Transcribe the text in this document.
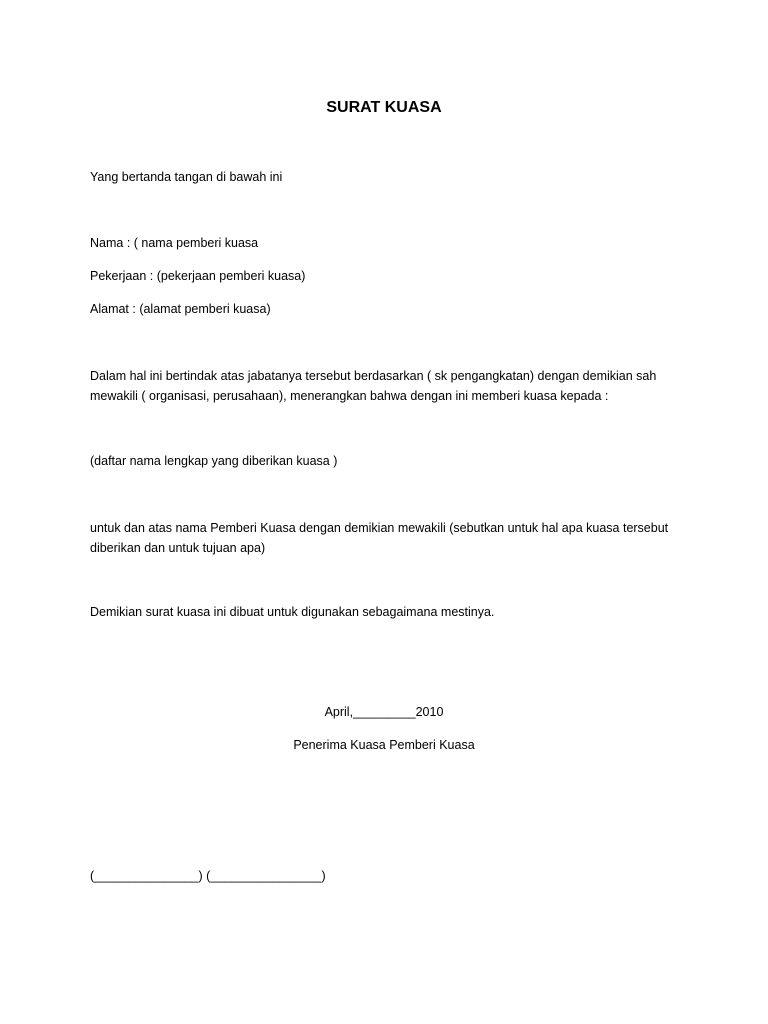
SURAT KUASA

Yang bertanda tangan di bawah ini

Nama : ( nama pemberi kuasa

Pekerjaan : (pekerjaan pemberi kuasa)

Alamat : (alamat pemberi kuasa)

Dalam hal ini bertindak atas jabatanya tersebut berdasarkan ( sk pengangkatan) dengan demikian sah mewakili ( organisasi, perusahaan), menerangkan bahwa dengan ini memberi kuasa kepada :

(daftar nama lengkap yang diberikan kuasa )

untuk dan atas nama Pemberi Kuasa dengan demikian mewakili (sebutkan untuk hal apa kuasa tersebut diberikan dan untuk tujuan apa)

Demikian surat kuasa ini dibuat untuk digunakan sebagaimana mestinya.

April,_________2010

Penerima Kuasa Pemberi Kuasa

(_______________) (________________)
